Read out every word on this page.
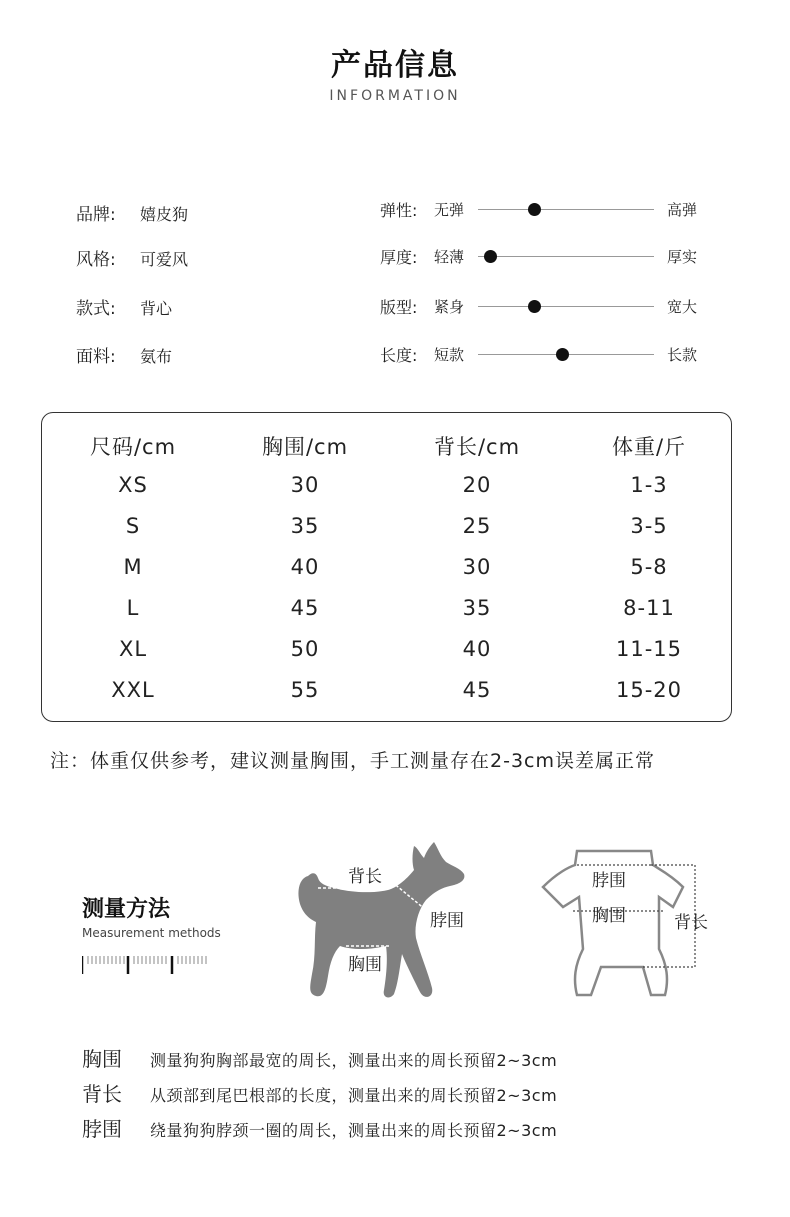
产品信息
INFORMATION
品牌: 嬉皮狗
风格: 可爱风
款式: 背心
面料: 氨布
弹性: 无弹	高弹
厚度: 轻薄	厚实
版型: 紧身	宽大
长度: 短款	长款
尺码/cm	胸围/cm	背长/cm	体重/斤
XS	30	20	1-3
S	35	25	3-5
M	40	30	5-8
L	45	35	8-11
XL	50	40	11-15
XXL	55	45	15-20
注：体重仅供参考，建议测量胸围，手工测量存在2-3cm误差属正常
测量方法
Measurement methods
背长
脖围
胸围
脖围
胸围	背长
胸围 测量狗狗胸部最宽的周长，测量出来的周长预留2~3cm
背长 从颈部到尾巴根部的长度，测量出来的周长预留2~3cm
脖围 绕量狗狗脖颈一圈的周长，测量出来的周长预留2~3cm
